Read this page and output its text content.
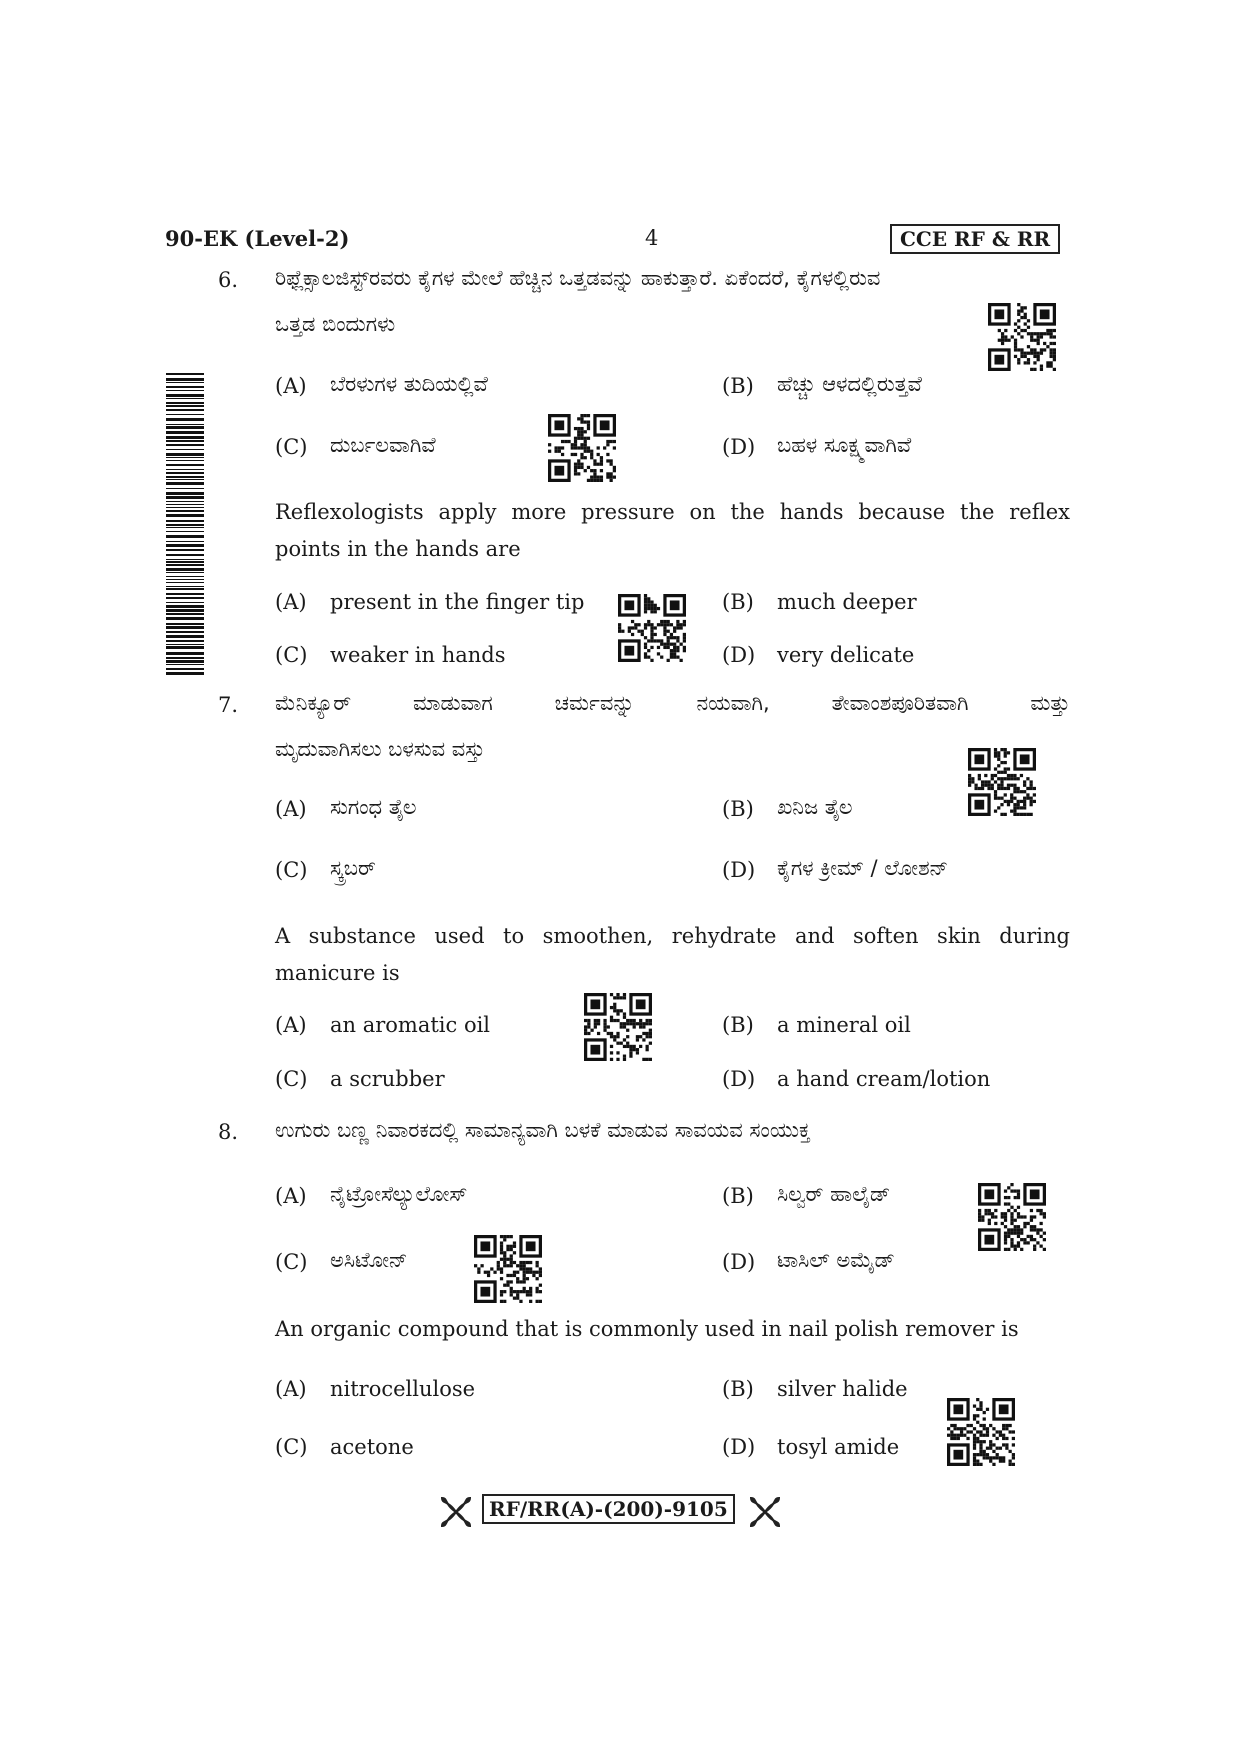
90-EK (Level-2)	4	CCE RF & RR
6. ರಿಫ್ಲೆಕ್ಸಾಲಜಿಸ್ಟ್‌ರವರು ಕೈಗಳ ಮೇಲೆ ಹೆಚ್ಚಿನ ಒತ್ತಡವನ್ನು ಹಾಕುತ್ತಾರೆ. ಏಕೆಂದರೆ, ಕೈಗಳಲ್ಲಿರುವ
ಒತ್ತಡ ಬಿಂದುಗಳು
(A) ಬೆರಳುಗಳ ತುದಿಯಲ್ಲಿವೆ	(B) ಹೆಚ್ಚು ಆಳದಲ್ಲಿರುತ್ತವೆ
(C) ದುರ್ಬಲವಾಗಿವೆ	(D) ಬಹಳ ಸೂಕ್ಷ್ಮವಾಗಿವೆ
Reflexologists apply more pressure on the hands because the reflex
points in the hands are
(A) present in the finger tip	(B) much deeper
(C) weaker in hands	(D) very delicate
7. ಮೆನಿಕ್ಯೂರ್ ಮಾಡುವಾಗ ಚರ್ಮವನ್ನು ನಯವಾಗಿ, ತೇವಾಂಶಪೂರಿತವಾಗಿ ಮತ್ತು
ಮೃದುವಾಗಿಸಲು ಬಳಸುವ ವಸ್ತು
(A) ಸುಗಂಧ ತೈಲ	(B) ಖನಿಜ ತೈಲ
(C) ಸ್ಕ್ರಬರ್	(D) ಕೈಗಳ ಕ್ರೀಮ್ / ಲೋಶನ್
A substance used to smoothen, rehydrate and soften skin during
manicure is
(A) an aromatic oil	(B) a mineral oil
(C) a scrubber	(D) a hand cream/lotion
8. ಉಗುರು ಬಣ್ಣ ನಿವಾರಕದಲ್ಲಿ ಸಾಮಾನ್ಯವಾಗಿ ಬಳಕೆ ಮಾಡುವ ಸಾವಯವ ಸಂಯುಕ್ತ
(A) ನೈಟ್ರೋಸೆಲ್ಯುಲೋಸ್	(B) ಸಿಲ್ವರ್ ಹಾಲೈಡ್
(C) ಅಸಿಟೋನ್	(D) ಟಾಸಿಲ್ ಅಮೈಡ್
An organic compound that is commonly used in nail polish remover is
(A) nitrocellulose	(B) silver halide
(C) acetone	(D) tosyl amide
RF/RR(A)-(200)-9105
